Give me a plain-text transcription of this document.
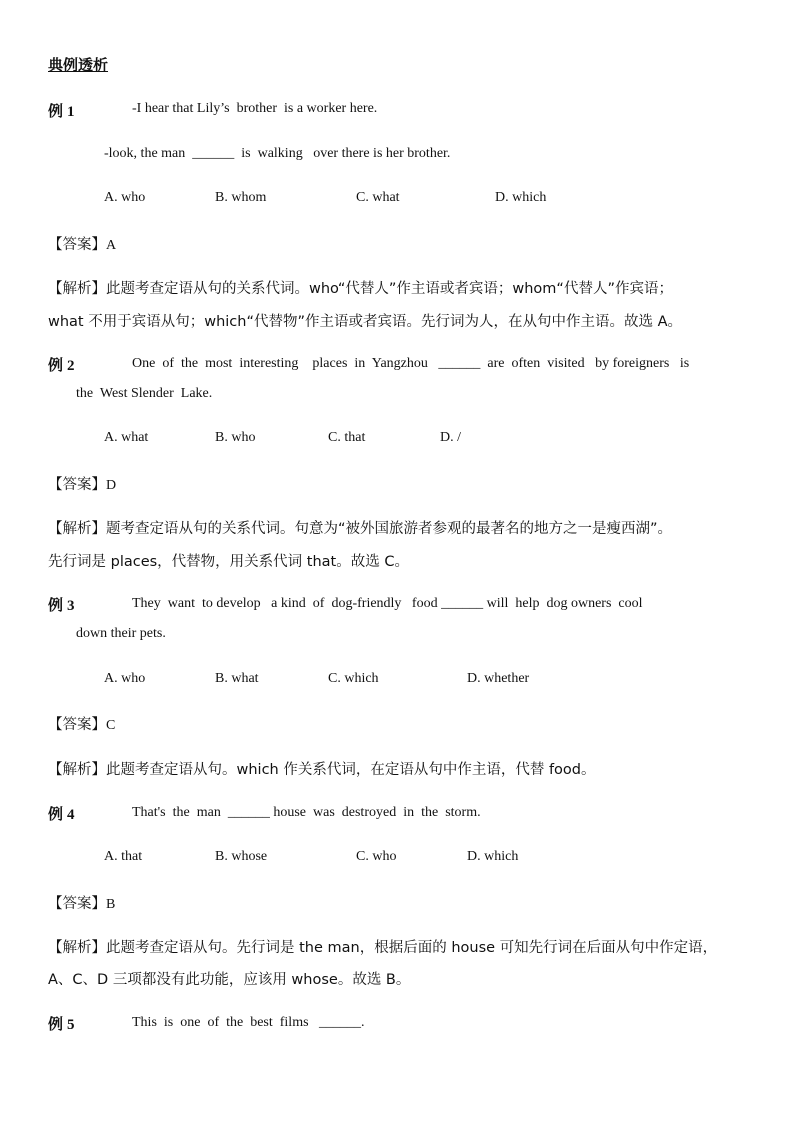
典例透析
例 1	-I hear that Lily’s  brother  is a worker here.
-look, the man  ______  is  walking   over there is her brother.
A. who	B. whom	C. what	D. which
【答案】A
【解析】此题考查定语从句的关系代词。who“代替人”作主语或者宾语；whom“代替人”作宾语；
what 不用于宾语从句；which“代替物”作主语或者宾语。先行词为人，在从句中作主语。故选 A。
例 2	One  of  the  most  interesting    places  in  Yangzhou   ______  are  often  visited   by foreigners   is
the  West Slender  Lake.
A. what	B. who	C. that	D. /
【答案】D
【解析】题考查定语从句的关系代词。句意为“被外国旅游者参观的最著名的地方之一是瘦西湖”。
先行词是 places，代替物，用关系代词 that。故选 C。
例 3	They  want  to develop   a kind  of  dog-friendly   food ______ will  help  dog owners  cool
down their pets.
A. who	B. what	C. which	D. whether
【答案】C
【解析】此题考查定语从句。which 作关系代词，在定语从句中作主语，代替 food。
例 4	That's  the  man  ______ house  was  destroyed  in  the  storm.
A. that	B. whose	C. who	D. which
【答案】B
【解析】此题考查定语从句。先行词是 the man，根据后面的 house 可知先行词在后面从句中作定语，
A、C、D 三项都没有此功能，应该用 whose。故选 B。
例 5	This  is  one  of  the  best  films   ______.
